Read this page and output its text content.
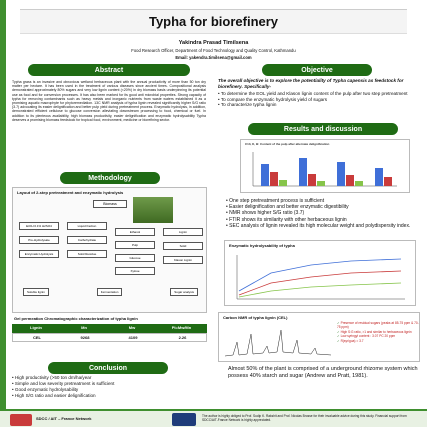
Typha for biorefinery
Yakindra Prasad Timilsena
Food Research Officer, Department of Food Technology and Quality Control, Kathmandu
Email: yakendra.timilsena@gmail.com
Abstract
Typha grass is an invasive and obnoxious wetland herbaceous plant with the annual productivity of more than 50 ton dry matter per hectare. It has been used in the treatment of various diseases since ancient times. Compositional analysis demonstrated approximately 80% sugars and very low lignin content (<20%) in dry biomass basis underpinning its potential use as food and for conversion processes. It has also been marked for its good anti microbial properties. Strong capacity of typha for removing contaminants such as heavy metals and inorganic nutrients from waste waters established it as a promising aquatic macrophyte for phytoremediation. 13C NMR analysis of typha lignin revealed significantly higher S/G ratio (3.7) advocating its easier delignification and better pulp yield during pretreatment process. Enzymatic hydrolysis, in addition, demonstrated efficient cellulose to glucose conversion alleviating downstream processing to food, chemical or fuel. In addition to its plenteous availability, high biomass productivity, easier delignification and enzymatic hydrolysability Typha deserves a promising biomass feedstock for tropical food, environment, medicine or biorefining sector.
Methodology
Layout of 2-step pretreatment and enzymatic hydrolysis
Biomass
EtOH 0.1% H2SO4
Pre-Hydrolysate
Enzymatic Hydrolysis
Liquid fraction
Carbohydrate
Solid Residue
Ethanol
Pulp
Glucose
Xylose
Lignin
Solid
Klason Lignin
Soluble lignin	Fermentation	Sugar analysis
Gel permeation Chromatographic characterization of typha lignin
Lignin	Mn	Mw	PI=Mw/Mn
CEL	9268	4109	2.26
Conclusion
• High productivity (>50 ton dm/ha/year
• Simple and low severity pretreatment is sufficient
• Good enzymatic hydrolysability
• High S/G ratio and easier delignification
Objective
The overall objective is to explore the potentiality of Typha capensis as feedstock for biorefinery. Specifically-
• To determine the EOL yield and Klason lignin content of the pulp after two step pretreatment
• To compare the enzymatic hydrolysis yield of sugars
• To characterize typha lignin
Results and discussion
C13, K, B: Content of the pulp after alternate delignification
• One step pretreatment process is sufficient
• Easier delignification and better enzymatic digestibility
• NMR shows higher S/G ratio (3.7)
• FTIR shows its similarity with other herbaceous lignin
• SEC analysis of lignin revealed its high molecular weight and polydispersity index.
Enzymatic hydrolysability of typha
Carbon NMR of typha lignin (CEL)
✓ Presence of residual sugars (peaks at 85-75 ppm & 70-75 ppm)
✓ High S:G ratio, >1 and similar to herbaceous lignin
✓ Low syringyl content : 3.07 PC 20 ppm
✓ R(syr/gua) = 3.7
Almost 50% of the plant is comprised of a underground rhizome system which possess 40% starch and sugar (Andrew and Pratt, 1981).
SDCC / AIT – France Network	The author is highly obliged to Prof. Sudip K. Rakshit and Prof. Nicolas Brosse for their invaluable advice during this study. Financial support from SDCC/AIT-France Network is highly appreciated.
